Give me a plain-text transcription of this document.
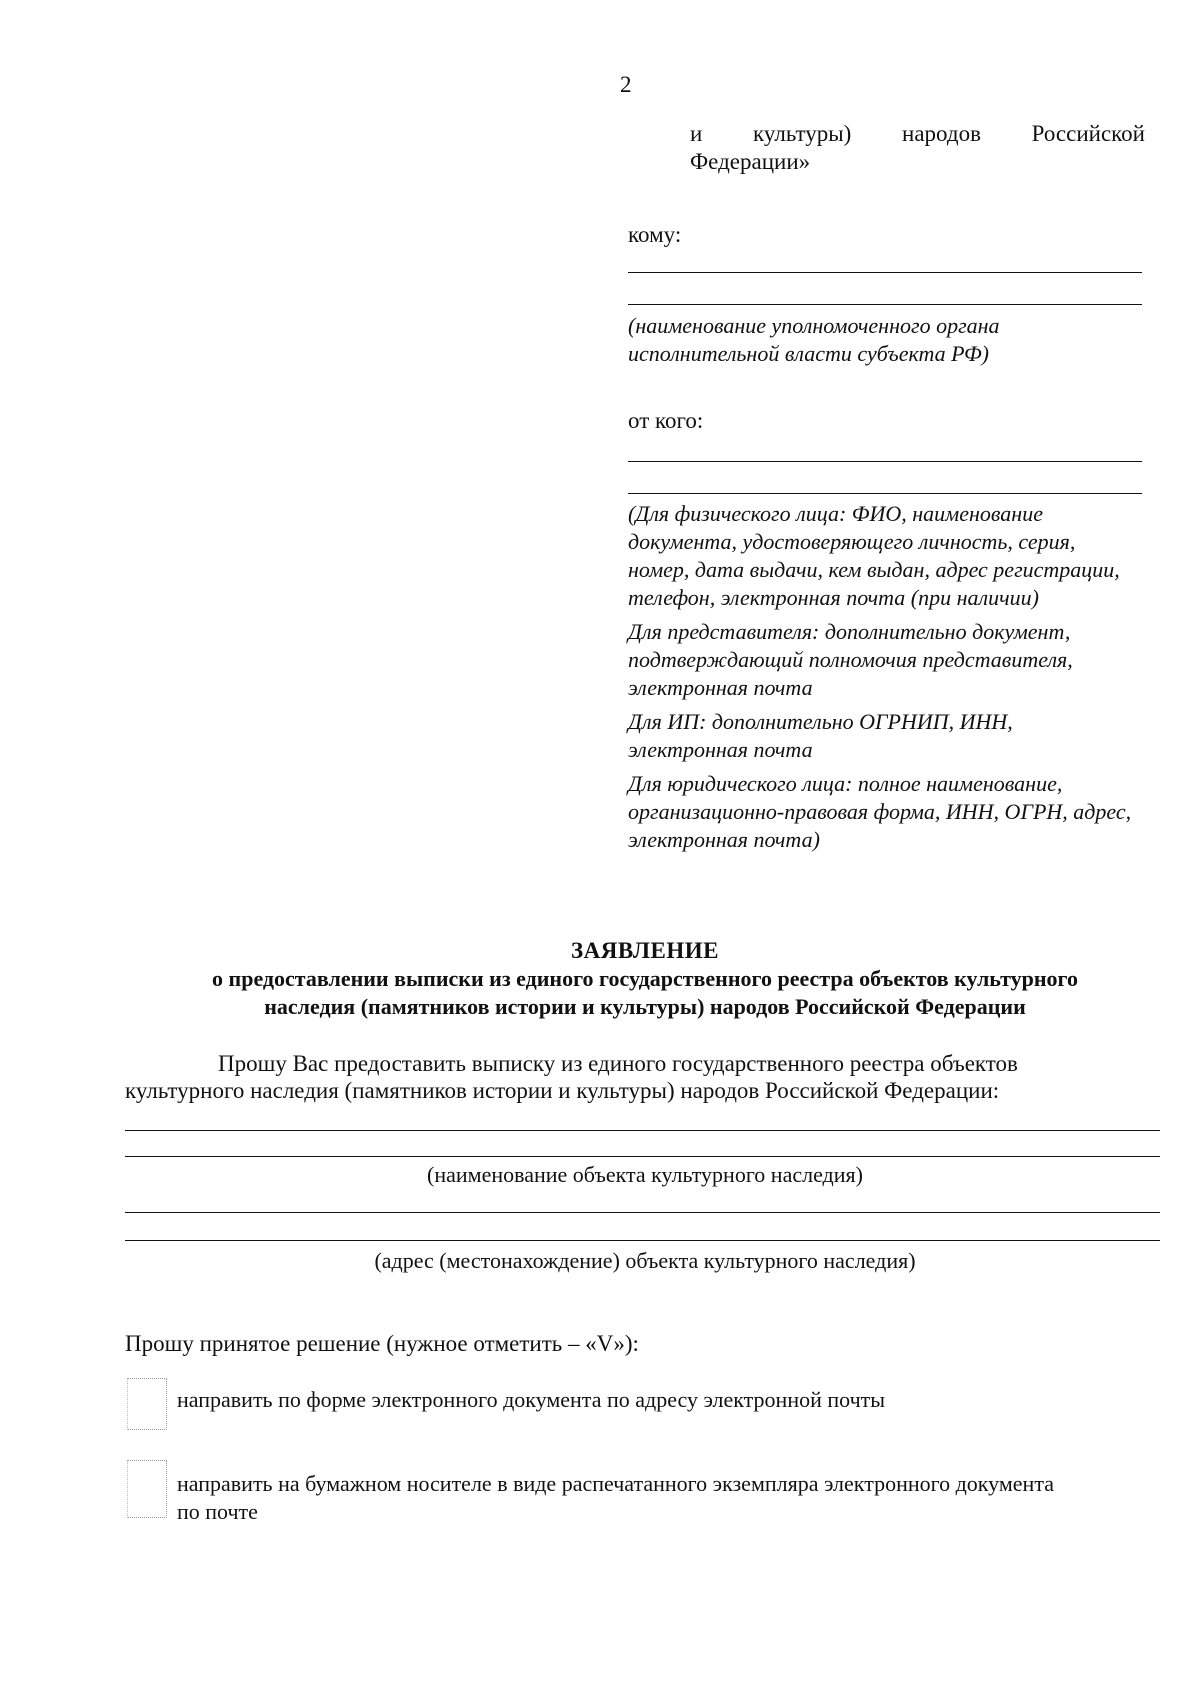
2
и культуры) народов Российской
Федерации»
кому:

(наименование уполномоченного органа исполнительной власти субъекта РФ)

от кого:

(Для физического лица: ФИО, наименование документа, удостоверяющего личность, серия, номер, дата выдачи, кем выдан, адрес регистрации, телефон, электронная почта (при наличии)

Для представителя: дополнительно документ, подтверждающий полномочия представителя, электронная почта

Для ИП: дополнительно ОГРНИП, ИНН, электронная почта

Для юридического лица: полное наименование, организационно-правовая форма, ИНН, ОГРН, адрес, электронная почта)

ЗАЯВЛЕНИЕ
о предоставлении выписки из единого государственного реестра объектов культурного
наследия (памятников истории и культуры) народов Российской Федерации
Прошу Вас предоставить выписку из единого государственного реестра объектов
культурного наследия (памятников истории и культуры) народов Российской Федерации:
(наименование объекта культурного наследия)
(адрес (местонахождение) объекта культурного наследия)
Прошу принятое решение (нужное отметить – «V»):
направить по форме электронного документа по адресу электронной почты
направить на бумажном носителе в виде распечатанного экземпляра электронного документа
по почте
